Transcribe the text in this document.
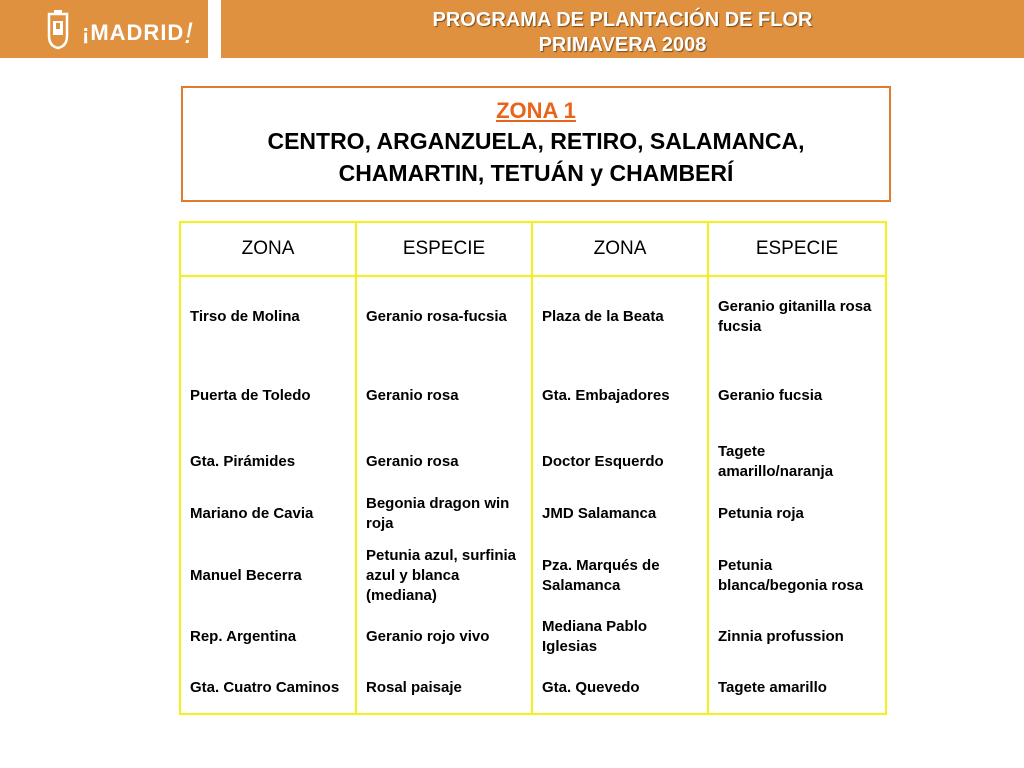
¡MADRID!	PROGRAMA DE PLANTACIÓN DE FLOR
PRIMAVERA 2008
ZONA 1
CENTRO, ARGANZUELA, RETIRO, SALAMANCA,
CHAMARTIN, TETUÁN y CHAMBERÍ
ZONA	ESPECIE	ZONA	ESPECIE
Tirso de Molina	Geranio rosa-fucsia	Plaza de la Beata	Geranio gitanilla rosa fucsia
Puerta de Toledo	Geranio rosa	Gta. Embajadores	Geranio fucsia
Gta. Pirámides	Geranio rosa	Doctor Esquerdo	Tagete amarillo/naranja
Mariano de Cavia	Begonia dragon win roja	JMD Salamanca	Petunia roja
Manuel Becerra	Petunia azul, surfinia azul y blanca (mediana)	Pza. Marqués de Salamanca	Petunia blanca/begonia rosa
Rep. Argentina	Geranio rojo vivo	Mediana Pablo Iglesias	Zinnia profussion
Gta. Cuatro Caminos	Rosal paisaje	Gta. Quevedo	Tagete amarillo
